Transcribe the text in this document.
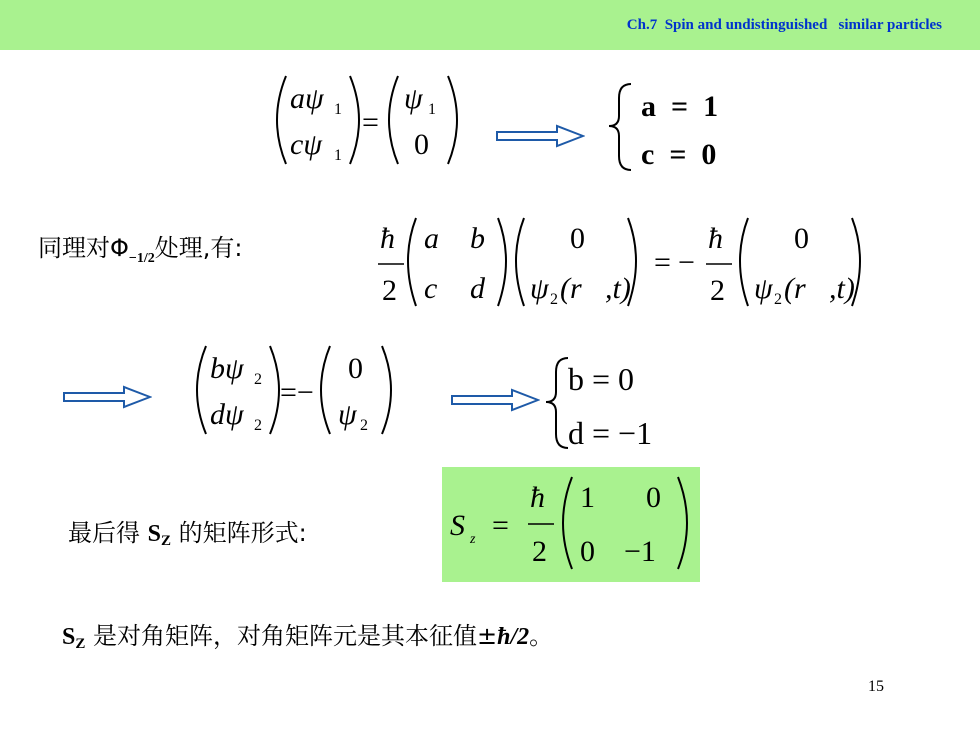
Ch.7  Spin and undistinguished   similar particles
aψ 1
cψ 1
=
ψ 1
0
a  =  1
c  =  0
同理对$\Phi_{-1/2}$处理,有:	ħ
2
a b
c d
0
ψ 2 (r⃗,t)
= −
ħ
2
0
ψ 2 (r⃗,t)
bψ 2
dψ 2
=−
0
ψ 2
b = 0
d = −1
最后得 SZ 的矩阵形式:	S z =
ħ
2
1 0
0 −1
SZ 是对角矩阵，对角矩阵元是其本征值±ħ/2。
15
